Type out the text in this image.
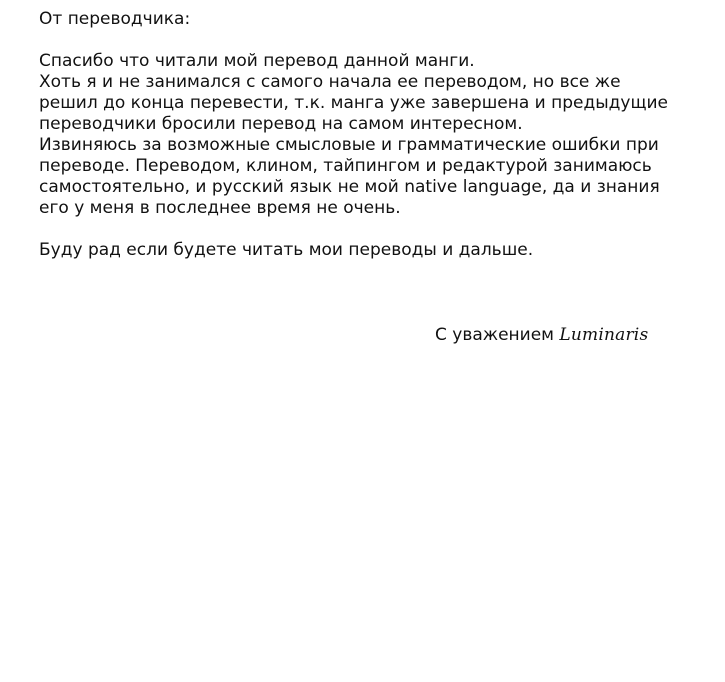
От переводчика:
Спасибо что читали мой перевод данной манги.
Хоть я и не занимался с самого начала ее переводом, но все же
решил до конца перевести, т.к. манга уже завершена и предыдущие
переводчики бросили перевод на самом интересном.
Извиняюсь за возможные смысловые и грамматические ошибки при
переводе. Переводом, клином, тайпингом и редактурой занимаюсь
самостоятельно, и русский язык не мой native language, да и знания
его у меня в последнее время не очень.
Буду рад если будете читать мои переводы и дальше.
С уважением Luminaris
